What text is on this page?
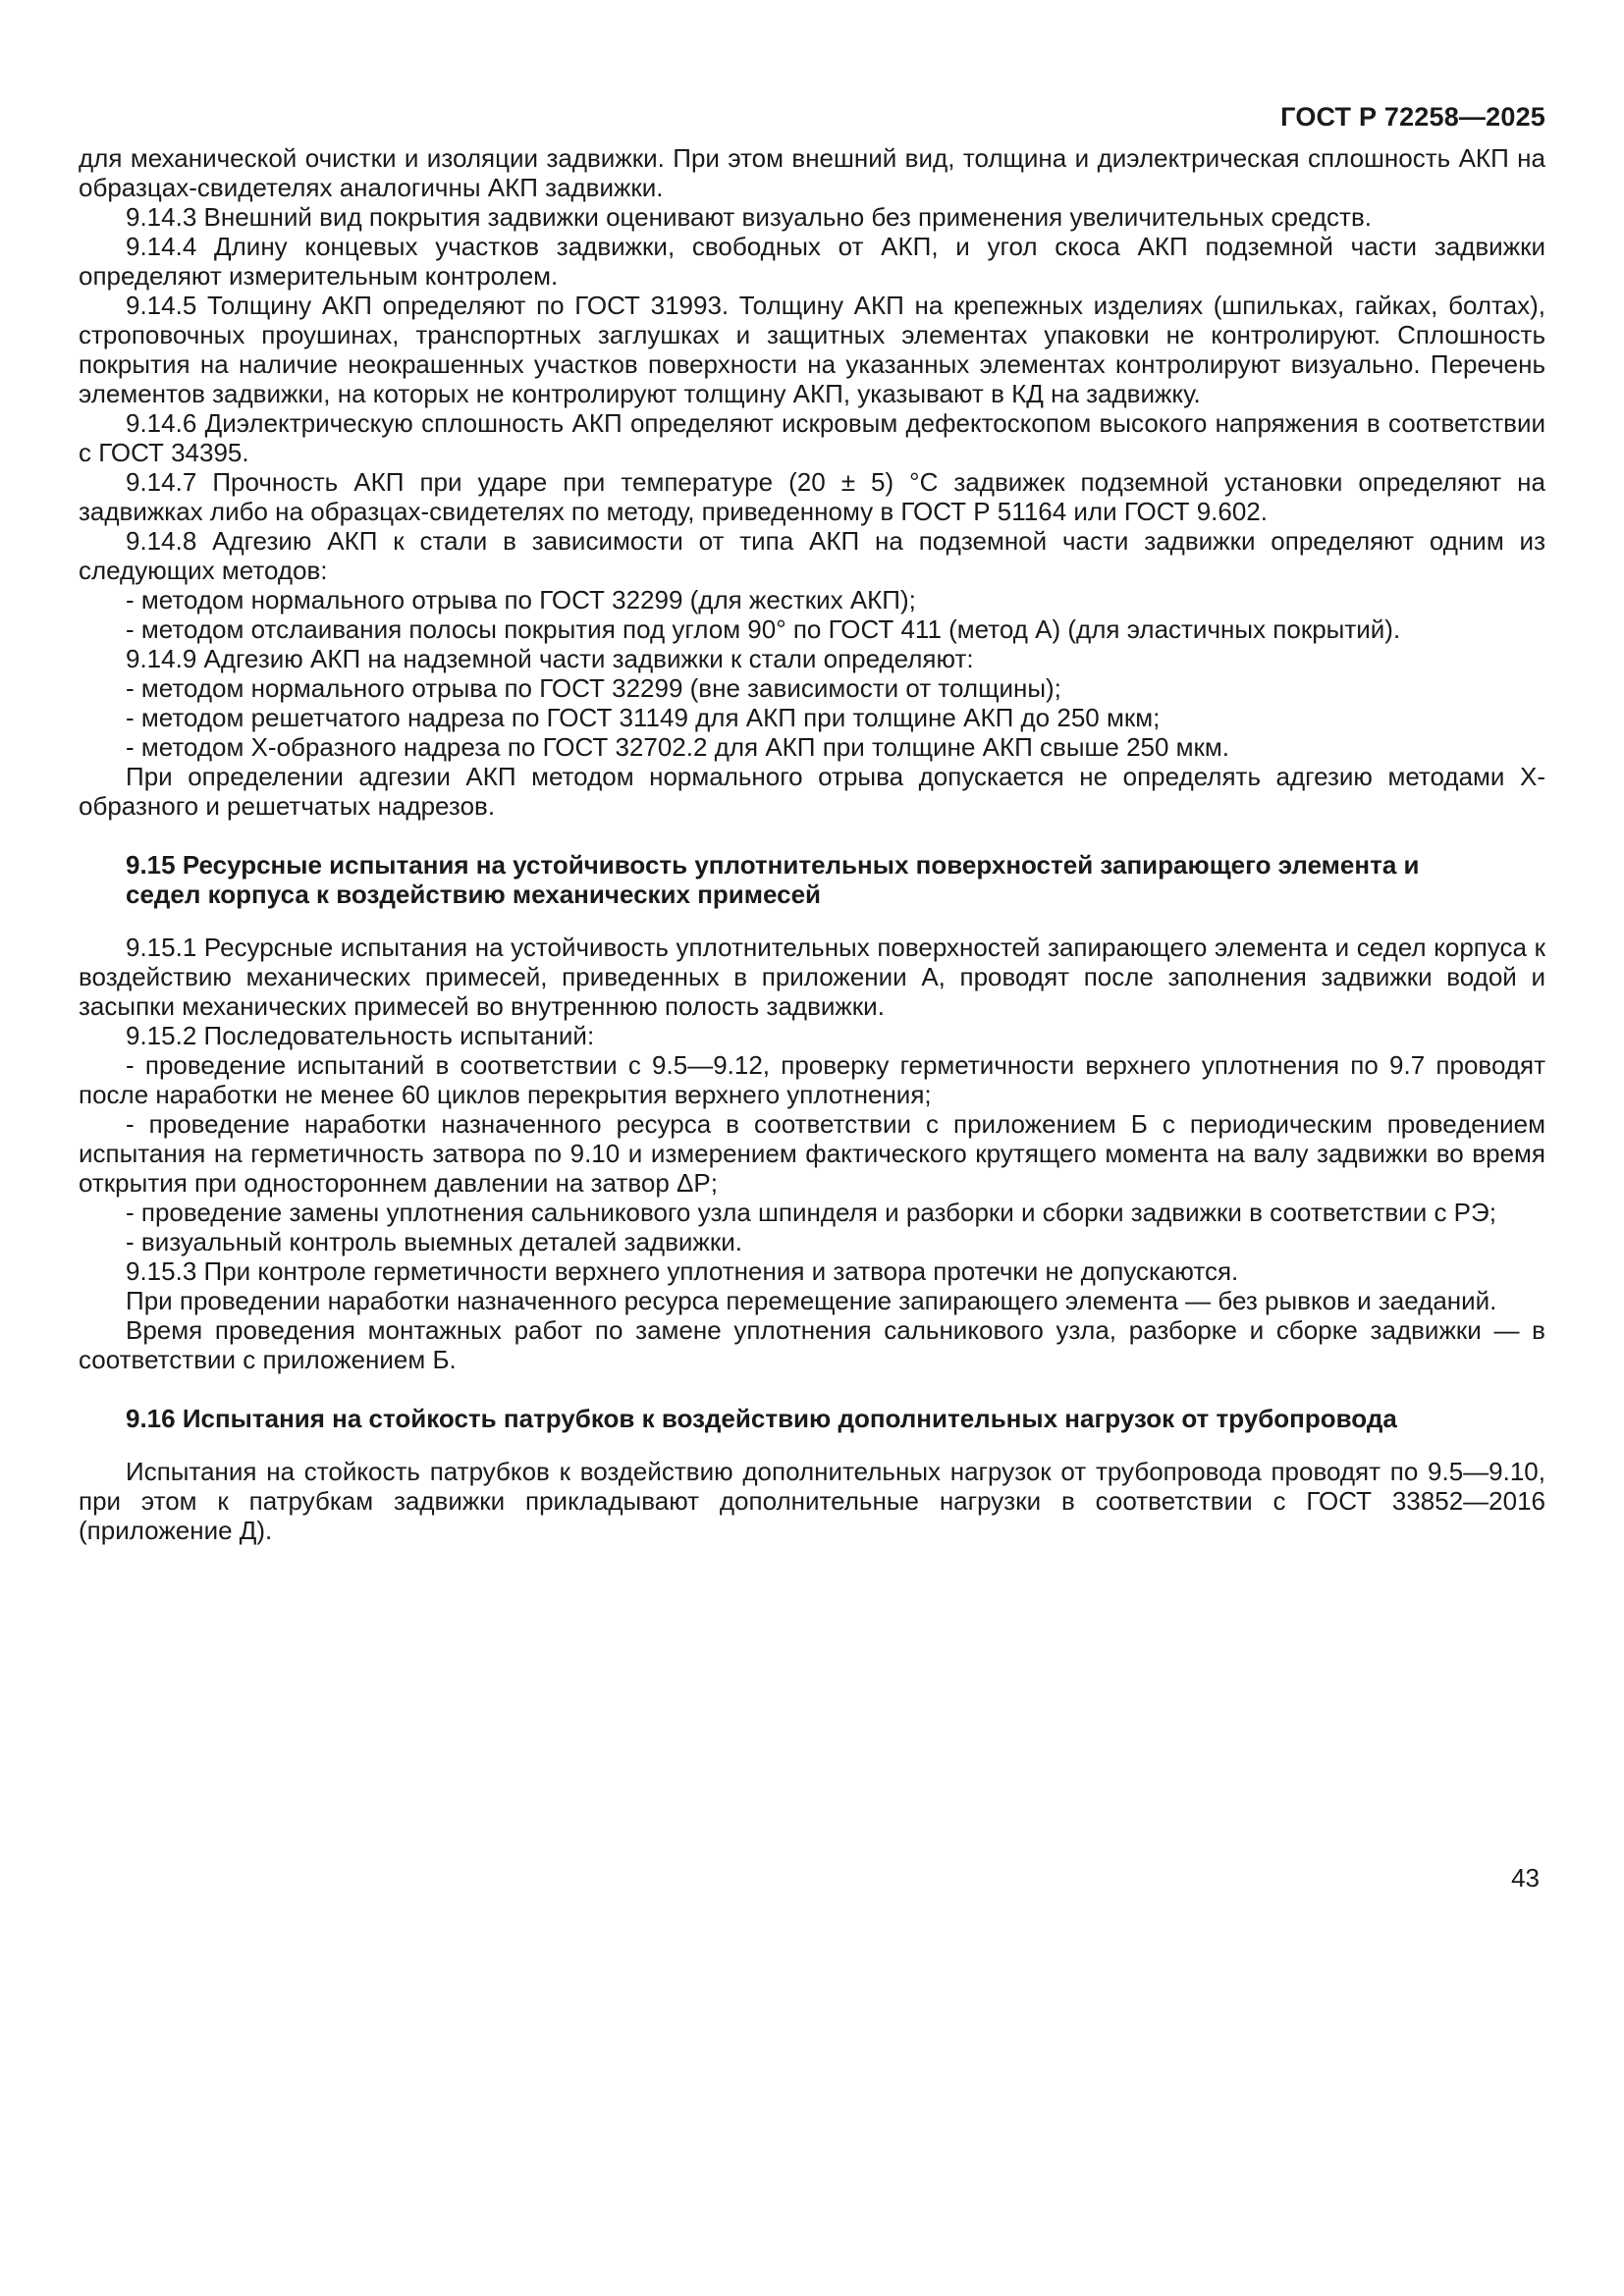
ГОСТ Р 72258—2025

для механической очистки и изоляции задвижки. При этом внешний вид, толщина и диэлектрическая сплошность АКП на образцах-свидетелях аналогичны АКП задвижки.

9.14.3 Внешний вид покрытия задвижки оценивают визуально без применения увеличительных средств.

9.14.4 Длину концевых участков задвижки, свободных от АКП, и угол скоса АКП подземной части задвижки определяют измерительным контролем.

9.14.5 Толщину АКП определяют по ГОСТ 31993. Толщину АКП на крепежных изделиях (шпильках, гайках, болтах), строповочных проушинах, транспортных заглушках и защитных элементах упаковки не контролируют. Сплошность покрытия на наличие неокрашенных участков поверхности на указанных элементах контролируют визуально. Перечень элементов задвижки, на которых не контролируют толщину АКП, указывают в КД на задвижку.

9.14.6 Диэлектрическую сплошность АКП определяют искровым дефектоскопом высокого напряжения в соответствии с ГОСТ 34395.

9.14.7 Прочность АКП при ударе при температуре (20 ± 5) °С задвижек подземной установки определяют на задвижках либо на образцах-свидетелях по методу, приведенному в ГОСТ Р 51164 или ГОСТ 9.602.

9.14.8 Адгезию АКП к стали в зависимости от типа АКП на подземной части задвижки определяют одним из следующих методов:

- методом нормального отрыва по ГОСТ 32299 (для жестких АКП);

- методом отслаивания полосы покрытия под углом 90° по ГОСТ 411 (метод А) (для эластичных покрытий).

9.14.9 Адгезию АКП на надземной части задвижки к стали определяют:

- методом нормального отрыва по ГОСТ 32299 (вне зависимости от толщины);

- методом решетчатого надреза по ГОСТ 31149 для АКП при толщине АКП до 250 мкм;

- методом Х-образного надреза по ГОСТ 32702.2 для АКП при толщине АКП свыше 250 мкм.

При определении адгезии АКП методом нормального отрыва допускается не определять адгезию методами Х-образного и решетчатых надрезов.

9.15 Ресурсные испытания на устойчивость уплотнительных поверхностей запирающего элемента и седел корпуса к воздействию механических примесей

9.15.1 Ресурсные испытания на устойчивость уплотнительных поверхностей запирающего элемента и седел корпуса к воздействию механических примесей, приведенных в приложении А, проводят после заполнения задвижки водой и засыпки механических примесей во внутреннюю полость задвижки.

9.15.2 Последовательность испытаний:

- проведение испытаний в соответствии с 9.5—9.12, проверку герметичности верхнего уплотнения по 9.7 проводят после наработки не менее 60 циклов перекрытия верхнего уплотнения;

- проведение наработки назначенного ресурса в соответствии с приложением Б с периодическим проведением испытания на герметичность затвора по 9.10 и измерением фактического крутящего момента на валу задвижки во время открытия при одностороннем давлении на затвор ΔP;

- проведение замены уплотнения сальникового узла шпинделя и разборки и сборки задвижки в соответствии с РЭ;

- визуальный контроль выемных деталей задвижки.

9.15.3 При контроле герметичности верхнего уплотнения и затвора протечки не допускаются.

При проведении наработки назначенного ресурса перемещение запирающего элемента — без рывков и заеданий.

Время проведения монтажных работ по замене уплотнения сальникового узла, разборке и сборке задвижки — в соответствии с приложением Б.

9.16 Испытания на стойкость патрубков к воздействию дополнительных нагрузок от трубопровода

Испытания на стойкость патрубков к воздействию дополнительных нагрузок от трубопровода проводят по 9.5—9.10, при этом к патрубкам задвижки прикладывают дополнительные нагрузки в соответствии с ГОСТ 33852—2016 (приложение Д).

43
